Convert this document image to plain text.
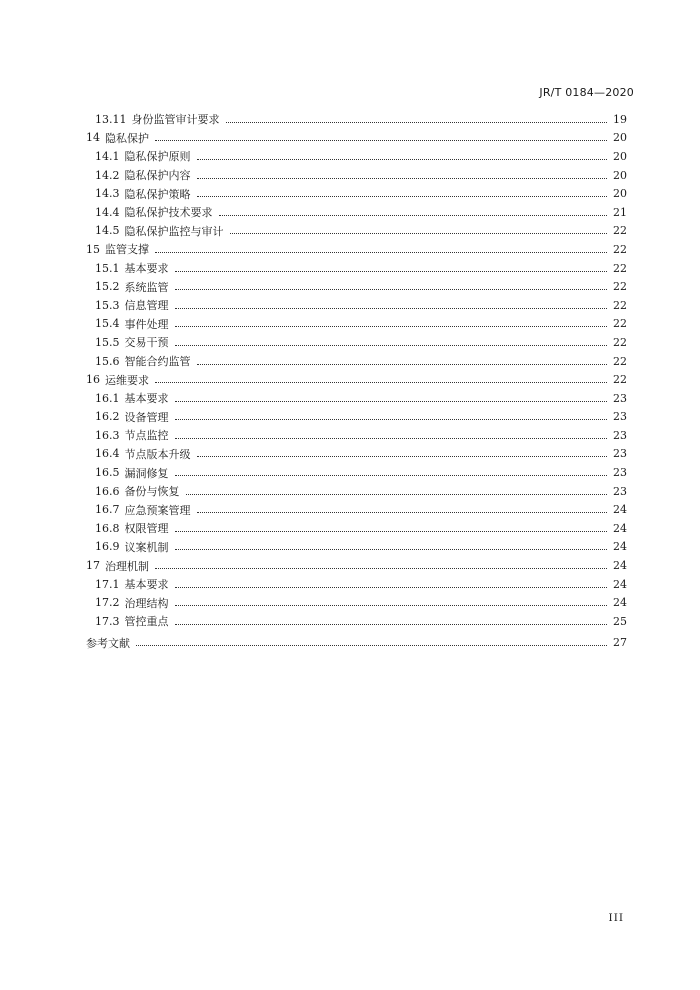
JR/T 0184—2020
13.11 身份监管审计要求	19
14 隐私保护	20
14.1 隐私保护原则	20
14.2 隐私保护内容	20
14.3 隐私保护策略	20
14.4 隐私保护技术要求	21
14.5 隐私保护监控与审计	22
15 监管支撑	22
15.1 基本要求	22
15.2 系统监管	22
15.3 信息管理	22
15.4 事件处理	22
15.5 交易干预	22
15.6 智能合约监管	22
16 运维要求	22
16.1 基本要求	23
16.2 设备管理	23
16.3 节点监控	23
16.4 节点版本升级	23
16.5 漏洞修复	23
16.6 备份与恢复	23
16.7 应急预案管理	24
16.8 权限管理	24
16.9 议案机制	24
17 治理机制	24
17.1 基本要求	24
17.2 治理结构	24
17.3 管控重点	25
参考文献	27
III
